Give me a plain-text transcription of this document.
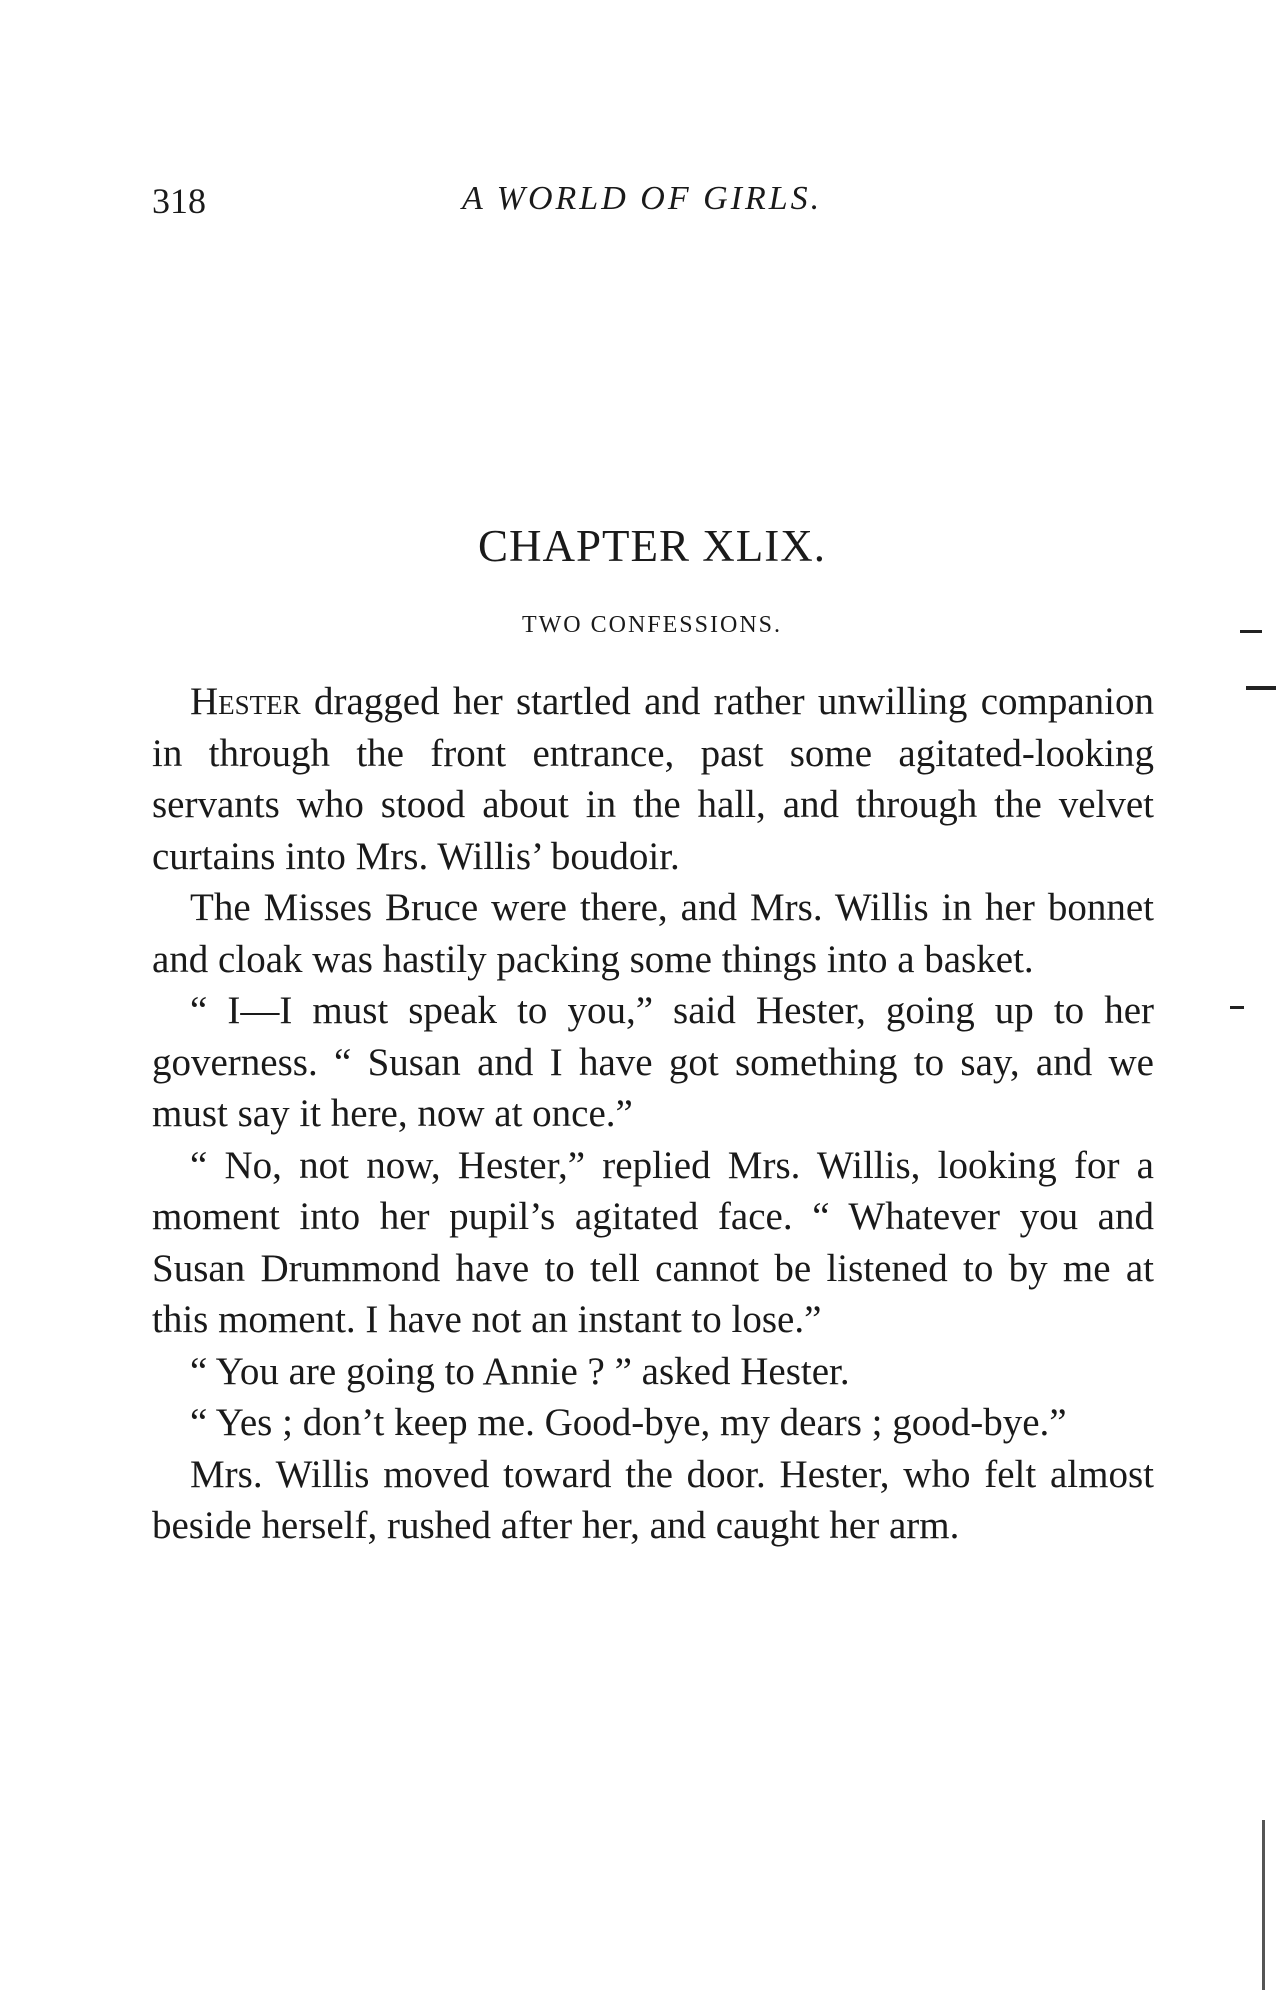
318	A WORLD OF GIRLS.
CHAPTER XLIX.
TWO CONFESSIONS.

Hester dragged her startled and rather unwilling companion in through the front entrance, past some agitated-looking servants who stood about in the hall, and through the velvet curtains into Mrs. Willis’ boudoir.

The Misses Bruce were there, and Mrs. Willis in her bonnet and cloak was hastily packing some things into a basket.

“ I—I must speak to you,” said Hester, going up to her governess. “ Susan and I have got something to say, and we must say it here, now at once.”

“ No, not now, Hester,” replied Mrs. Willis, looking for a moment into her pupil’s agitated face. “ Whatever you and Susan Drummond have to tell cannot be listened to by me at this moment. I have not an instant to lose.”

“ You are going to Annie ? ” asked Hester.

“ Yes ; don’t keep me. Good-bye, my dears ; good-bye.”

Mrs. Willis moved toward the door. Hester, who felt almost beside herself, rushed after her, and caught her arm.
